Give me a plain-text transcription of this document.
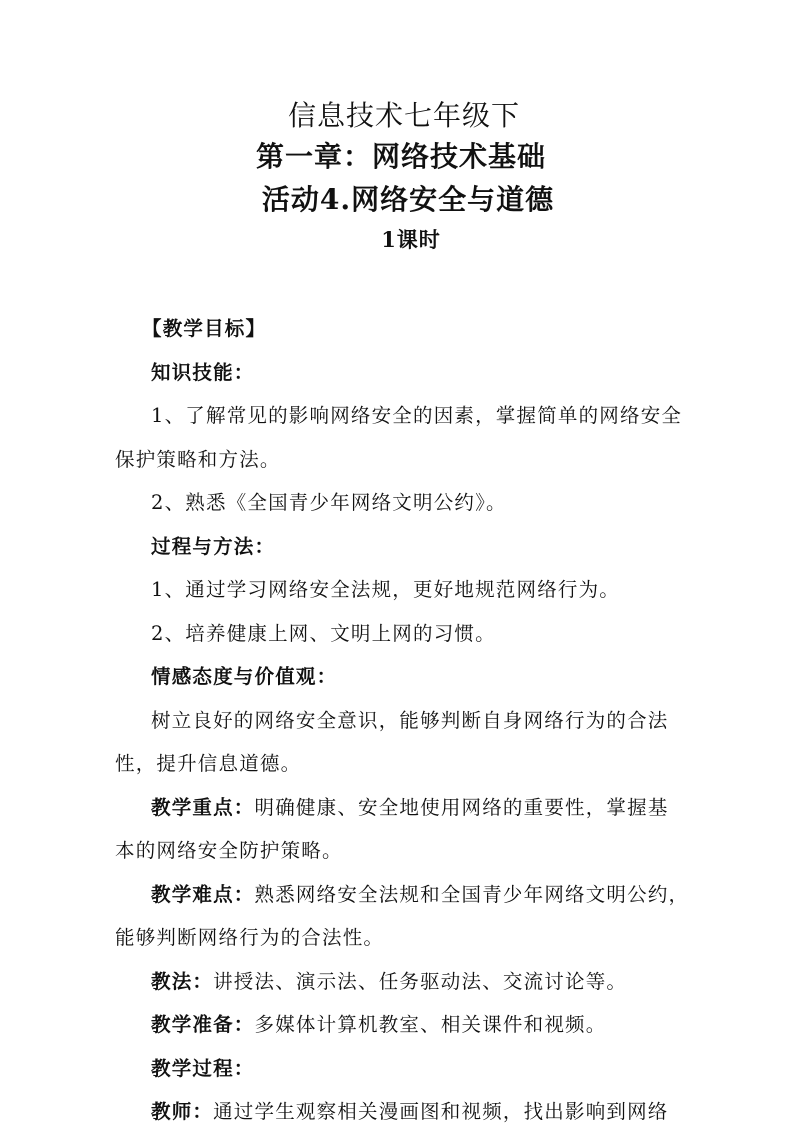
信息技术七年级下
第一章：网络技术基础
活动4.网络安全与道德
1课时
【教学目标】
知识技能：
1、了解常见的影响网络安全的因素，掌握简单的网络安全
保护策略和方法。
2、熟悉《全国青少年网络文明公约》。
过程与方法：
1、通过学习网络安全法规，更好地规范网络行为。
2、培养健康上网、文明上网的习惯。
情感态度与价值观：
树立良好的网络安全意识，能够判断自身网络行为的合法
性，提升信息道德。
教学重点：明确健康、安全地使用网络的重要性，掌握基
本的网络安全防护策略。
教学难点：熟悉网络安全法规和全国青少年网络文明公约，
能够判断网络行为的合法性。
教法：讲授法、演示法、任务驱动法、交流讨论等。
教学准备：多媒体计算机教室、相关课件和视频。
教学过程：
教师：通过学生观察相关漫画图和视频，找出影响到网络
